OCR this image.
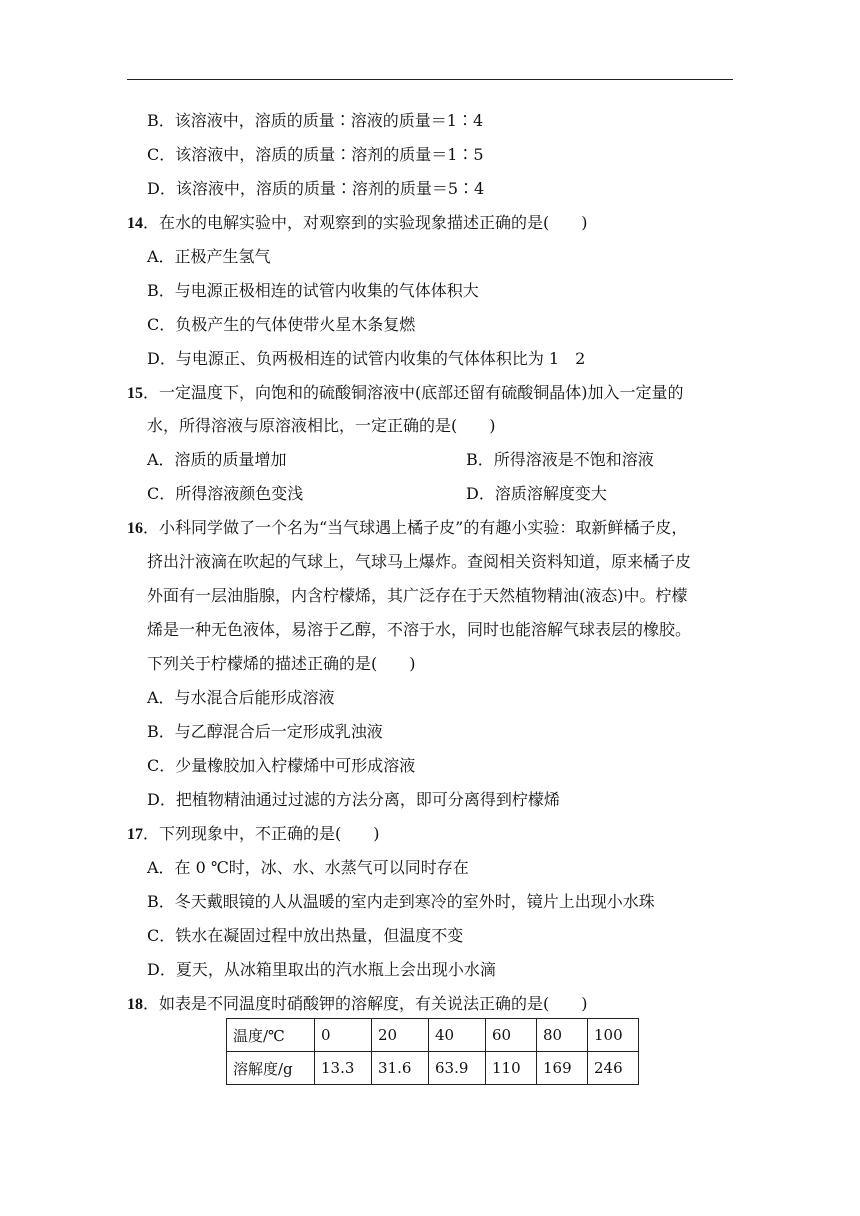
B．该溶液中，溶质的质量∶溶液的质量＝1∶4
C．该溶液中，溶质的质量∶溶剂的质量＝1∶5
D．该溶液中，溶质的质量∶溶剂的质量＝5∶4
14．在水的电解实验中，对观察到的实验现象描述正确的是(　　)
A．正极产生氢气
B．与电源正极相连的试管内收集的气体体积大
C．负极产生的气体使带火星木条复燃
D．与电源正、负两极相连的试管内收集的气体体积比为 1　2
15．一定温度下，向饱和的硫酸铜溶液中(底部还留有硫酸铜晶体)加入一定量的
水，所得溶液与原溶液相比，一定正确的是(　　)
A．溶质的质量增加	B．所得溶液是不饱和溶液
C．所得溶液颜色变浅	D．溶质溶解度变大
16．小科同学做了一个名为“当气球遇上橘子皮”的有趣小实验：取新鲜橘子皮，
挤出汁液滴在吹起的气球上，气球马上爆炸。查阅相关资料知道，原来橘子皮
外面有一层油脂腺，内含柠檬烯，其广泛存在于天然植物精油(液态)中。柠檬
烯是一种无色液体，易溶于乙醇，不溶于水，同时也能溶解气球表层的橡胶。
下列关于柠檬烯的描述正确的是(　　)
A．与水混合后能形成溶液
B．与乙醇混合后一定形成乳浊液
C．少量橡胶加入柠檬烯中可形成溶液
D．把植物精油通过过滤的方法分离，即可分离得到柠檬烯
17．下列现象中，不正确的是(　　)
A．在 0 ℃时，冰、水、水蒸气可以同时存在
B．冬天戴眼镜的人从温暖的室内走到寒冷的室外时，镜片上出现小水珠
C．铁水在凝固过程中放出热量，但温度不变
D．夏天，从冰箱里取出的汽水瓶上会出现小水滴
18．如表是不同温度时硝酸钾的溶解度，有关说法正确的是(　　)
温度/℃	0	20	40	60	80	100
溶解度/g	13.3	31.6	63.9	110	169	246
